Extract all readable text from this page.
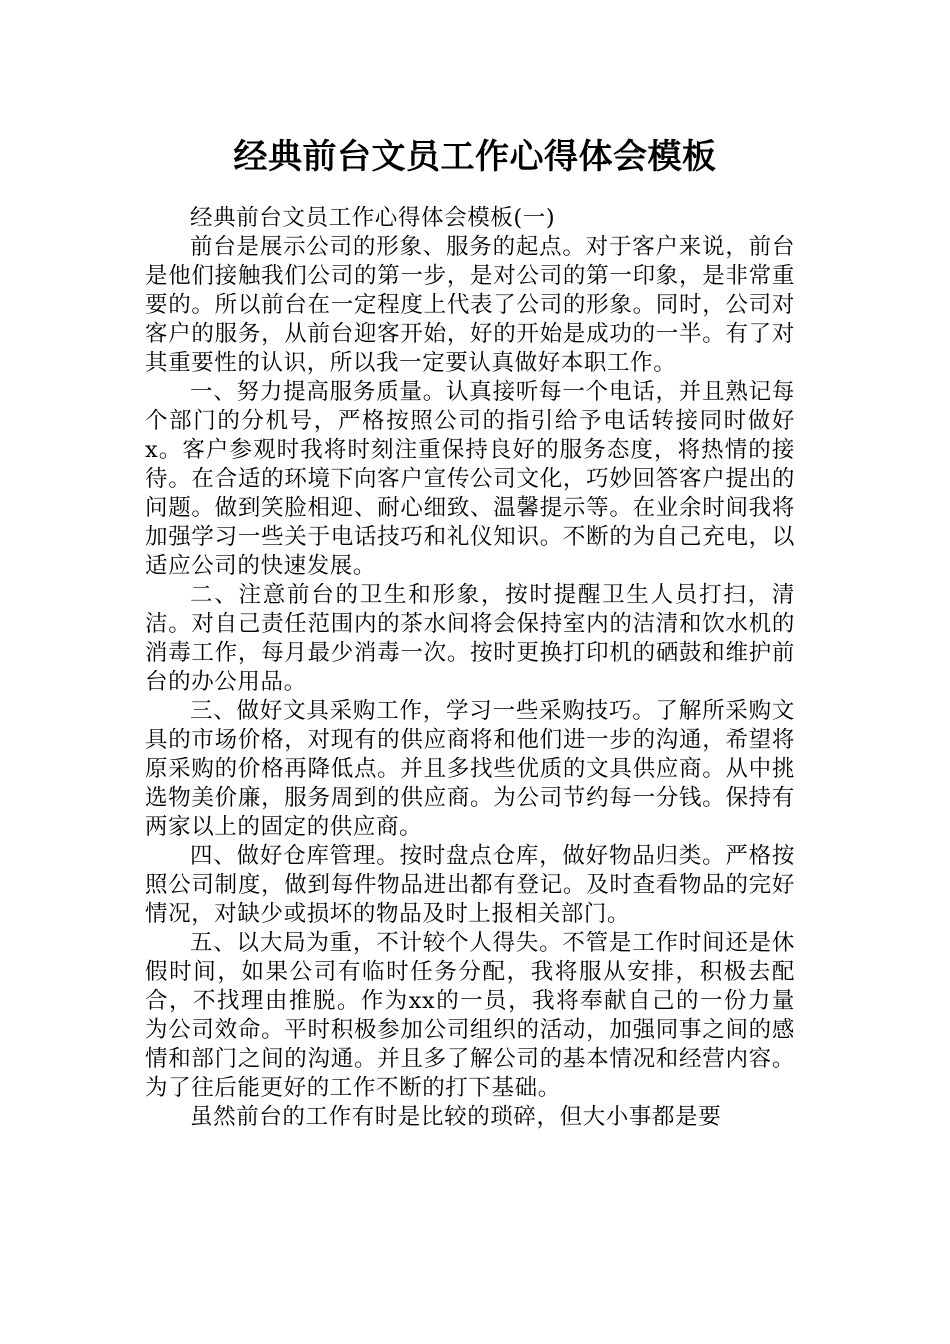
经典前台文员工作心得体会模板

经典前台文员工作心得体会模板(一)

前台是展示公司的形象、服务的起点。对于客户来说，前台是他们接触我们公司的第一步，是对公司的第一印象，是非常重要的。所以前台在一定程度上代表了公司的形象。同时，公司对客户的服务，从前台迎客开始，好的开始是成功的一半。有了对其重要性的认识，所以我一定要认真做好本职工作。

一、努力提高服务质量。认真接听每一个电话，并且熟记每个部门的分机号，严格按照公司的指引给予电话转接同时做好x。客户参观时我将时刻注重保持良好的服务态度，将热情的接待。在合适的环境下向客户宣传公司文化，巧妙回答客户提出的问题。做到笑脸相迎、耐心细致、温馨提示等。在业余时间我将加强学习一些关于电话技巧和礼仪知识。不断的为自己充电，以适应公司的快速发展。

二、注意前台的卫生和形象，按时提醒卫生人员打扫，清洁。对自己责任范围内的茶水间将会保持室内的洁清和饮水机的消毒工作，每月最少消毒一次。按时更换打印机的硒鼓和维护前台的办公用品。

三、做好文具采购工作，学习一些采购技巧。了解所采购文具的市场价格，对现有的供应商将和他们进一步的沟通，希望将原采购的价格再降低点。并且多找些优质的文具供应商。从中挑选物美价廉，服务周到的供应商。为公司节约每一分钱。保持有两家以上的固定的供应商。

四、做好仓库管理。按时盘点仓库，做好物品归类。严格按照公司制度，做到每件物品进出都有登记。及时查看物品的完好情况，对缺少或损坏的物品及时上报相关部门。

五、以大局为重，不计较个人得失。不管是工作时间还是休假时间，如果公司有临时任务分配，我将服从安排，积极去配合，不找理由推脱。作为xx的一员，我将奉献自己的一份力量为公司效命。平时积极参加公司组织的活动，加强同事之间的感情和部门之间的沟通。并且多了解公司的基本情况和经营内容。为了往后能更好的工作不断的打下基础。

虽然前台的工作有时是比较的琐碎，但大小事都是要
